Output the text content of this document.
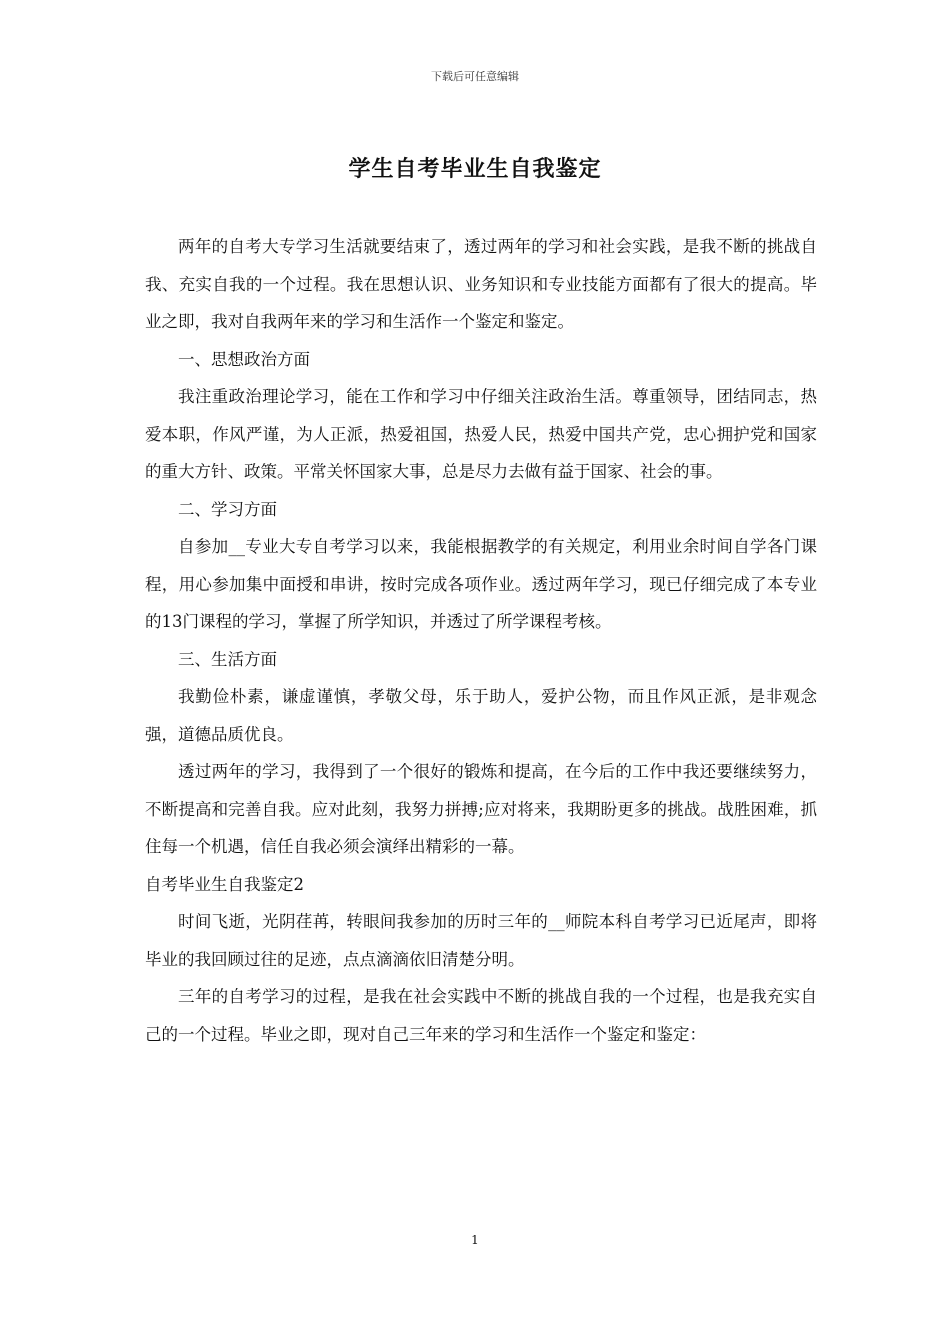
下载后可任意编辑
学生自考毕业生自我鉴定

两年的自考大专学习生活就要结束了，透过两年的学习和社会实践，是我不断的挑战自我、充实自我的一个过程。我在思想认识、业务知识和专业技能方面都有了很大的提高。毕业之即，我对自我两年来的学习和生活作一个鉴定和鉴定。

一、思想政治方面

我注重政治理论学习，能在工作和学习中仔细关注政治生活。尊重领导，团结同志，热爱本职，作风严谨，为人正派，热爱祖国，热爱人民，热爱中国共产党，忠心拥护党和国家的重大方针、政策。平常关怀国家大事，总是尽力去做有益于国家、社会的事。

二、学习方面

自参加__专业大专自考学习以来，我能根据教学的有关规定，利用业余时间自学各门课程，用心参加集中面授和串讲，按时完成各项作业。透过两年学习，现已仔细完成了本专业的13门课程的学习，掌握了所学知识，并透过了所学课程考核。

三、生活方面

我勤俭朴素，谦虚谨慎，孝敬父母，乐于助人，爱护公物，而且作风正派，是非观念强，道德品质优良。

透过两年的学习，我得到了一个很好的锻炼和提高，在今后的工作中我还要继续努力，不断提高和完善自我。应对此刻，我努力拼搏;应对将来，我期盼更多的挑战。战胜困难，抓住每一个机遇，信任自我必须会演绎出精彩的一幕。

自考毕业生自我鉴定2

时间飞逝，光阴荏苒，转眼间我参加的历时三年的__师院本科自考学习已近尾声，即将毕业的我回顾过往的足迹，点点滴滴依旧清楚分明。

三年的自考学习的过程，是我在社会实践中不断的挑战自我的一个过程，也是我充实自己的一个过程。毕业之即，现对自己三年来的学习和生活作一个鉴定和鉴定：

1
